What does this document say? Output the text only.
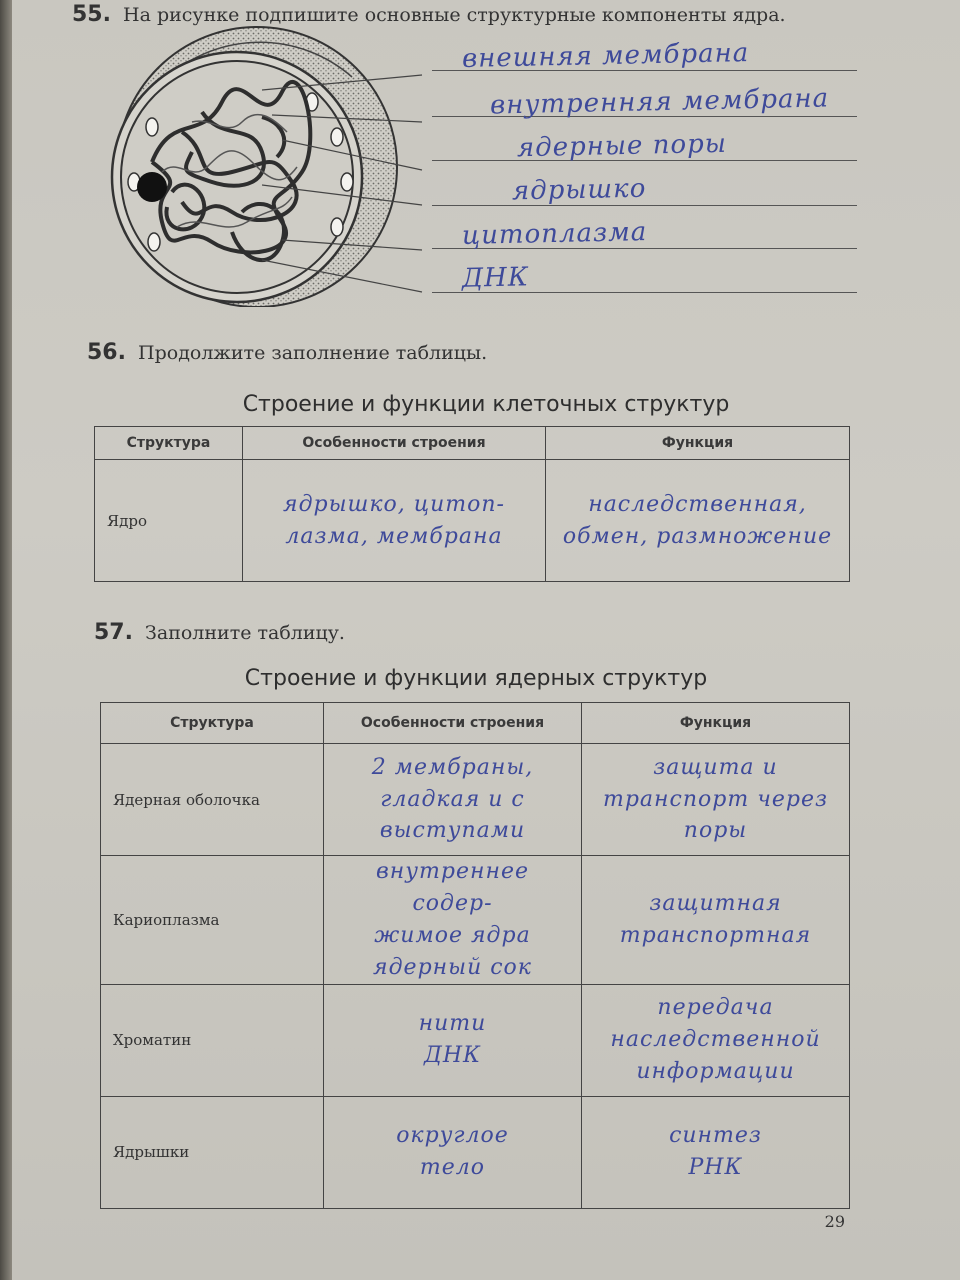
55. На рисунке подпишите основные структурные компоненты ядра.
внешняя мембрана
внутренняя мембрана
ядерные поры
ядрышко
цитоплазма
ДНК
56. Продолжите заполнение таблицы.
Строение и функции клеточных структур
Структура	Особенности строения	Функция
Ядро	ядрышко, цитоп-
лазма, мембрана	наследственная,
обмен, размножение
57. Заполните таблицу.
Строение и функции ядерных структур
Структура	Особенности строения	Функция
Ядерная оболочка	2 мембраны,
гладкая и с
выступами	защита и
транспорт через
поры

Кариоплазма	внутреннее содер-
жимое ядра
ядерный сок	защитная
транспортная

Хроматин	нити
ДНК	передача
наследственной
информации

Ядрышки	округлое
тело	синтез
РНК
29
